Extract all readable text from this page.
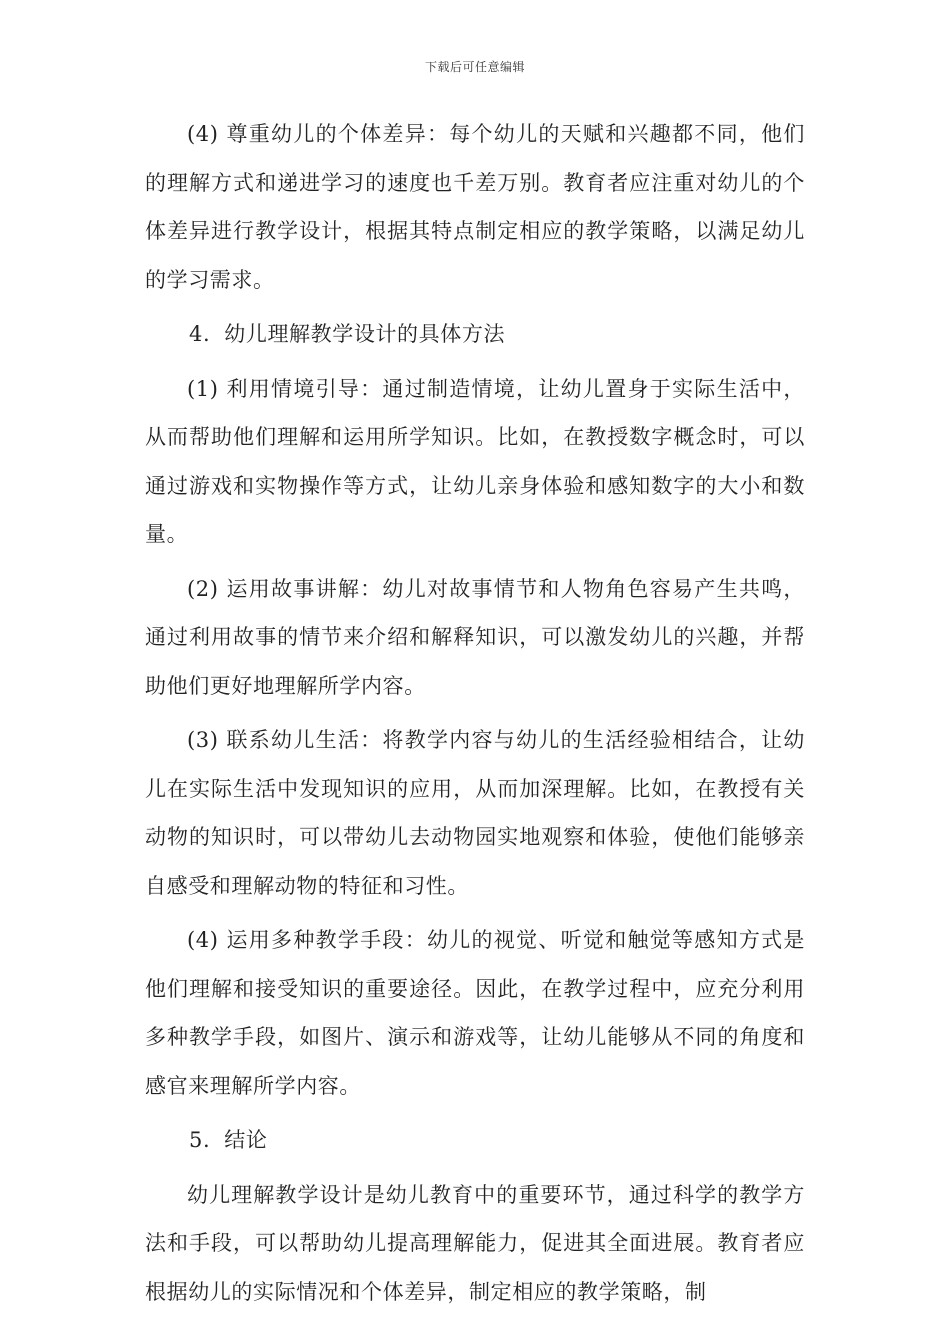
下载后可任意编辑

(4) 尊重幼儿的个体差异：每个幼儿的天赋和兴趣都不同，他们的理解方式和递进学习的速度也千差万别。教育者应注重对幼儿的个体差异进行教学设计，根据其特点制定相应的教学策略，以满足幼儿的学习需求。

4. 幼儿理解教学设计的具体方法

(1) 利用情境引导：通过制造情境，让幼儿置身于实际生活中，从而帮助他们理解和运用所学知识。比如，在教授数字概念时，可以通过游戏和实物操作等方式，让幼儿亲身体验和感知数字的大小和数量。

(2) 运用故事讲解：幼儿对故事情节和人物角色容易产生共鸣，通过利用故事的情节来介绍和解释知识，可以激发幼儿的兴趣，并帮助他们更好地理解所学内容。

(3) 联系幼儿生活：将教学内容与幼儿的生活经验相结合，让幼儿在实际生活中发现知识的应用，从而加深理解。比如，在教授有关动物的知识时，可以带幼儿去动物园实地观察和体验，使他们能够亲自感受和理解动物的特征和习性。

(4) 运用多种教学手段：幼儿的视觉、听觉和触觉等感知方式是他们理解和接受知识的重要途径。因此，在教学过程中，应充分利用多种教学手段，如图片、演示和游戏等，让幼儿能够从不同的角度和感官来理解所学内容。

5. 结论

幼儿理解教学设计是幼儿教育中的重要环节，通过科学的教学方法和手段，可以帮助幼儿提高理解能力，促进其全面进展。教育者应根据幼儿的实际情况和个体差异，制定相应的教学策略，制
